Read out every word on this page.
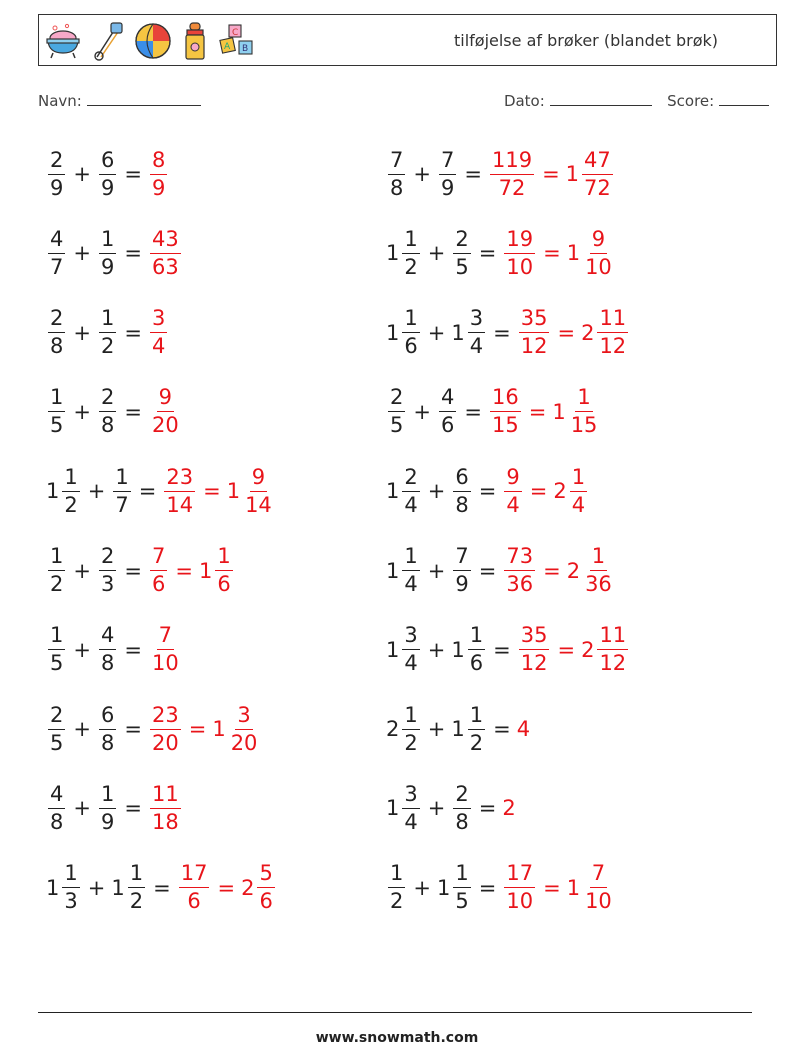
C
A B	tilføjelse af brøker (blandet brøk)
Navn:	Dato:	Score:
$\frac{2}{9} + \frac{6}{9} = \frac{8}{9}$	$\frac{7}{8} + \frac{7}{9} = \frac{119}{72} = 1 \frac{47}{72}$
$\frac{4}{7} + \frac{1}{9} = \frac{43}{63}$	$1 \frac{1}{2} + \frac{2}{5} = \frac{19}{10} = 1 \frac{9}{10}$
$\frac{2}{8} + \frac{1}{2} = \frac{3}{4}$	$1 \frac{1}{6} + 1 \frac{3}{4} = \frac{35}{12} = 2 \frac{11}{12}$
$\frac{1}{5} + \frac{2}{8} = \frac{9}{20}$	$\frac{2}{5} + \frac{4}{6} = \frac{16}{15} = 1 \frac{1}{15}$
$1 \frac{1}{2} + \frac{1}{7} = \frac{23}{14} = 1 \frac{9}{14}$	$1 \frac{2}{4} + \frac{6}{8} = \frac{9}{4} = 2 \frac{1}{4}$
$\frac{1}{2} + \frac{2}{3} = \frac{7}{6} = 1 \frac{1}{6}$	$1 \frac{1}{4} + \frac{7}{9} = \frac{73}{36} = 2 \frac{1}{36}$
$\frac{1}{5} + \frac{4}{8} = \frac{7}{10}$	$1 \frac{3}{4} + 1 \frac{1}{6} = \frac{35}{12} = 2 \frac{11}{12}$
$\frac{2}{5} + \frac{6}{8} = \frac{23}{20} = 1 \frac{3}{20}$	$2 \frac{1}{2} + 1 \frac{1}{2} = 4$
$\frac{4}{8} + \frac{1}{9} = \frac{11}{18}$	$1 \frac{3}{4} + \frac{2}{8} = 2$
$1 \frac{1}{3} + 1 \frac{1}{2} = \frac{17}{6} = 2 \frac{5}{6}$	$\frac{1}{2} + 1 \frac{1}{5} = \frac{17}{10} = 1 \frac{7}{10}$
www.snowmath.com
